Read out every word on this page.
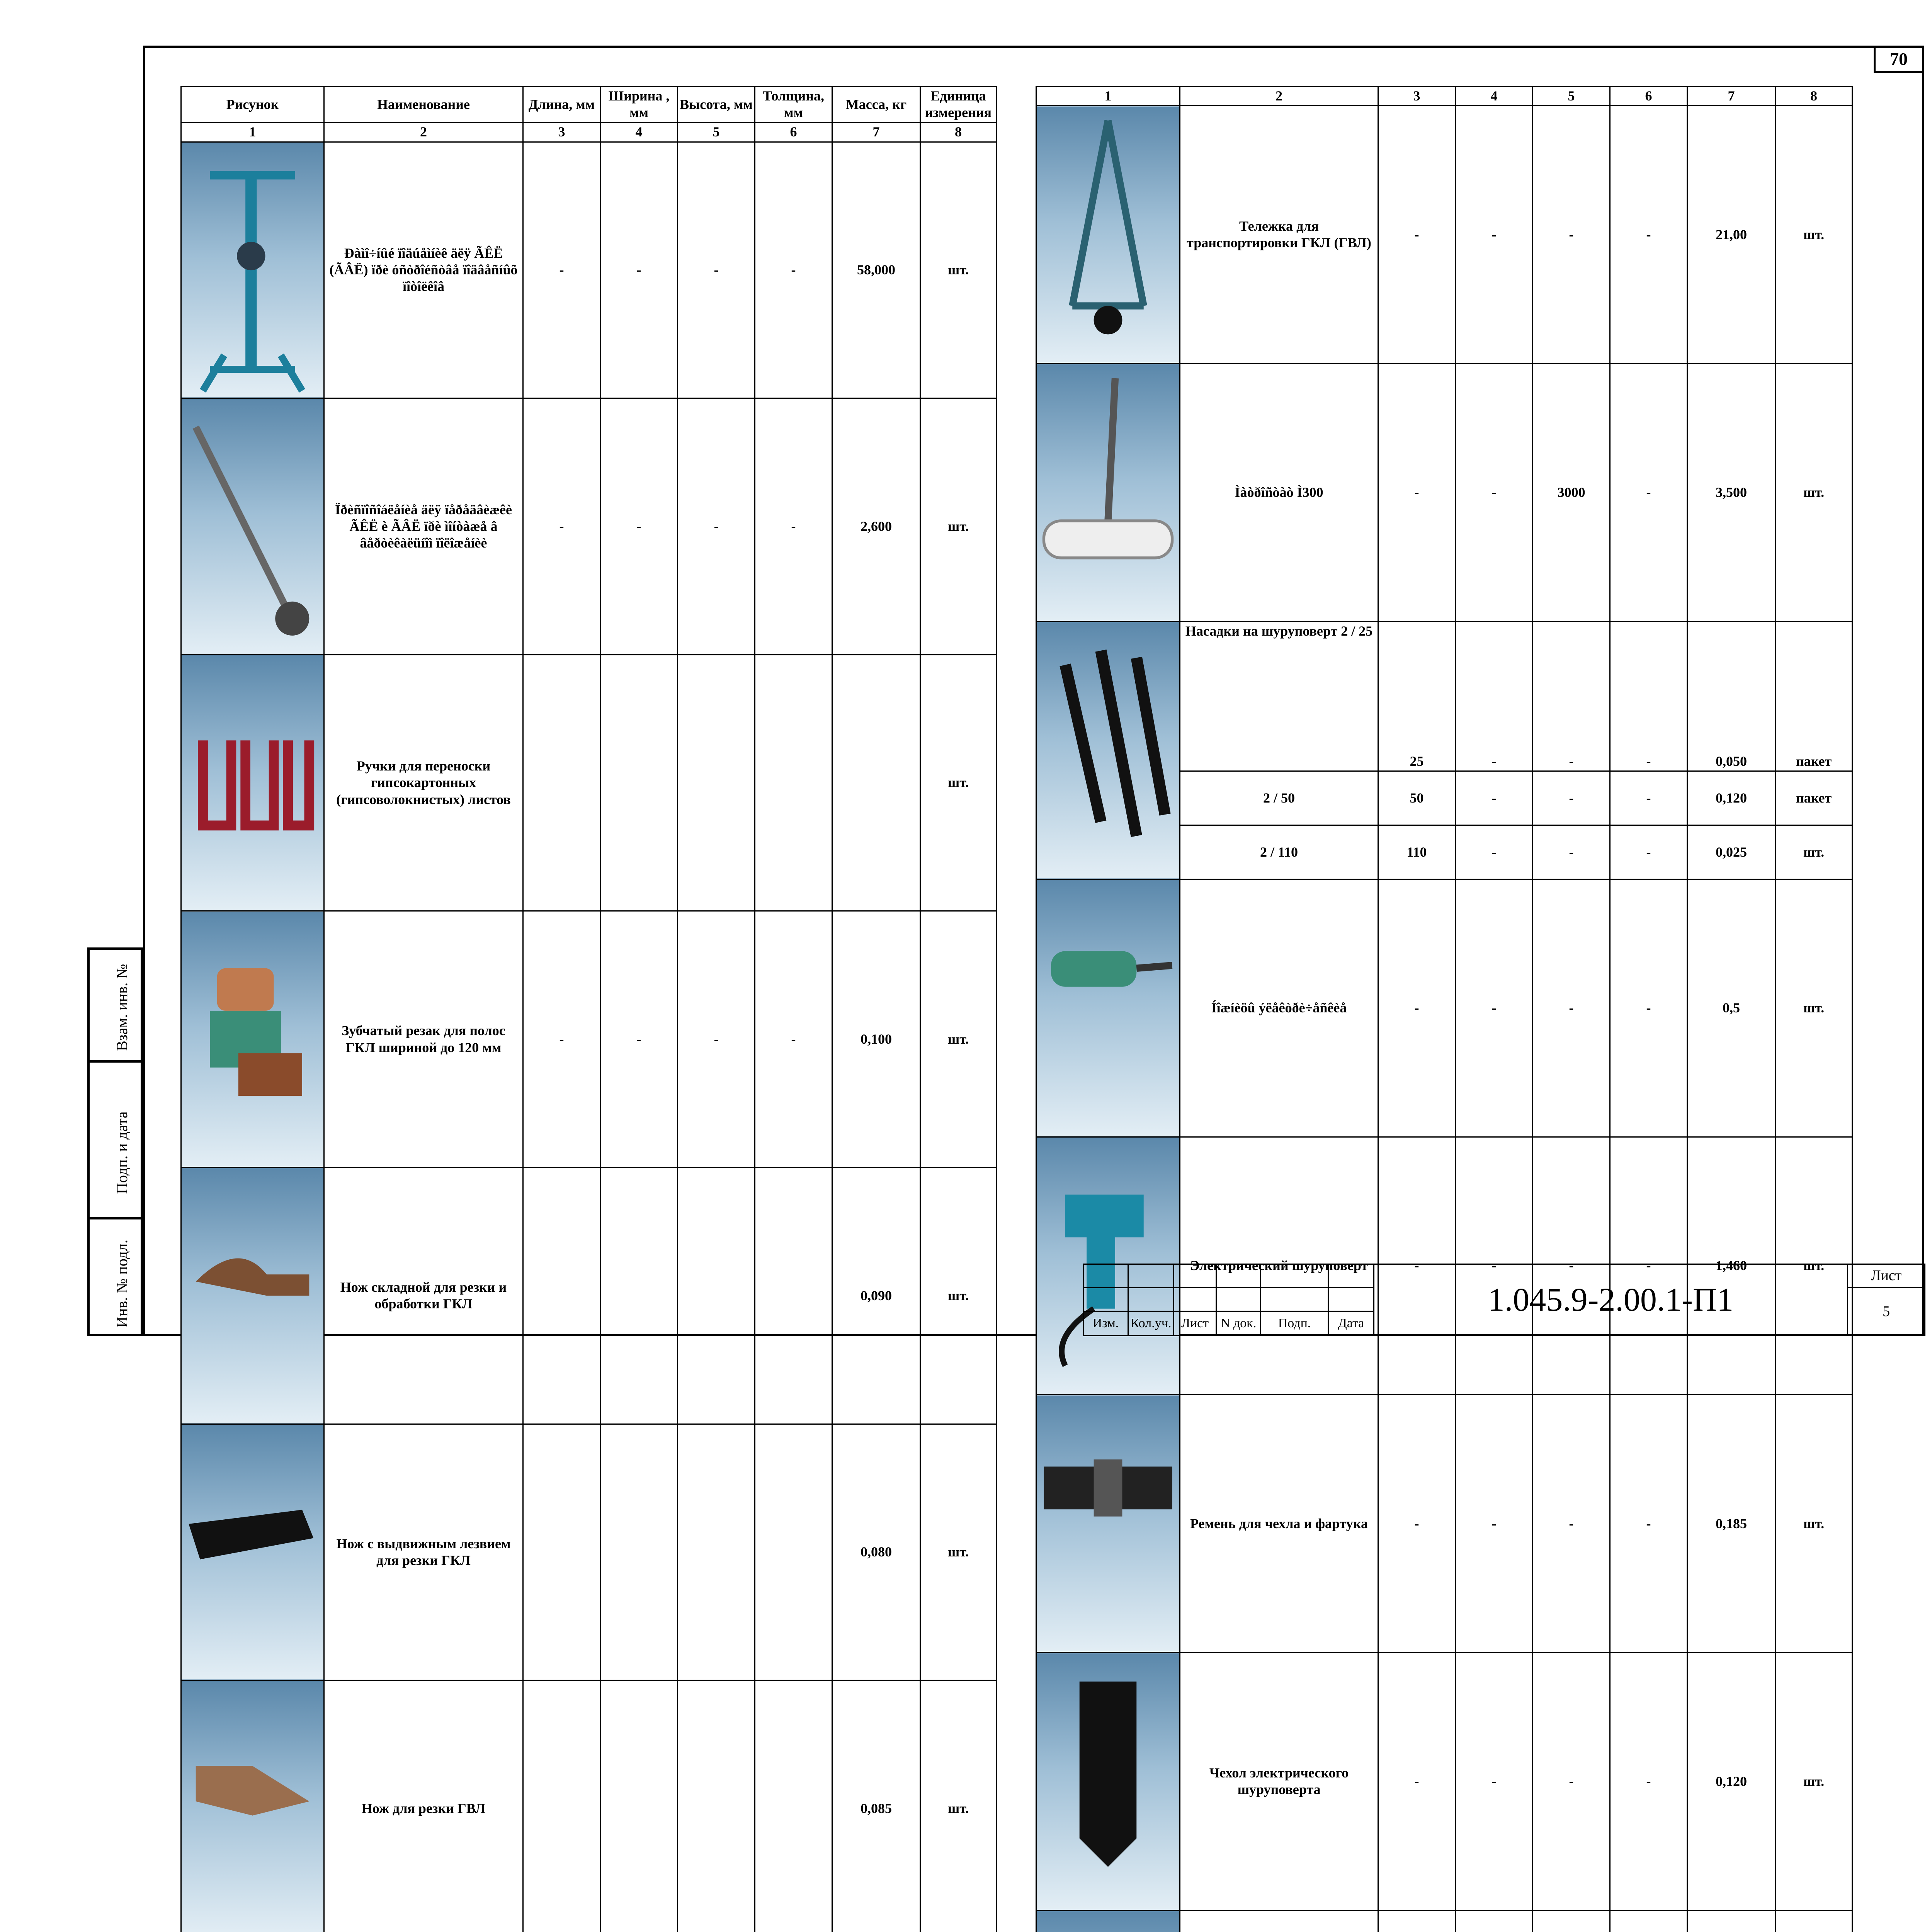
70
Рисунок	Наименование	Длина, мм	Ширина , мм	Высота, мм	Толщина, мм	Масса, кг	Единица измерения
1	2	3	4	5	6	7	8

	Ðàìî÷íûé ïîäúåìíèê äëÿ ÃÊË (ÃÂË) ïðè óñòðîéñòâå ïîäâåñíûõ ïîòîëêîâ	-	-	-	-	58,000	шт.

	Ïðèñïîñîáëåíèå äëÿ ïåðåäâèæêè ÃÊË è ÃÂË ïðè ìîíòàæå â âåðòèêàëüíîì ïîëîæåíèè	-	-	-	-	2,600	шт.

	Ручки для переноски гипсокартонных (гипсоволокнистых) листов						шт.

	Зубчатый резак для полос ГКЛ шириной до 120 мм	-	-	-	-	0,100	шт.

	Нож складной для резки и обработки ГКЛ					0,090	шт.

	Нож с выдвижным лезвием для резки ГКЛ					0,080	шт.

	Нож для резки ГВЛ					0,085	шт.

1	2	3	4	5	6	7	8

	Тележка для транспортировки ГКЛ (ГВЛ)	-	-	-	-	21,00	шт.

	Ìàòðîñòàò Ì300	-	-	3000	-	3,500	шт.

	Насадки на шуруповерт 2 / 25	25	-	-	-	0,050	пакет
	2 / 50	50	-	-	-	0,120	пакет
	2 / 110	110	-	-	-	0,025	шт.

	Íîæíèöû ýëåêòðè÷åñêèå	-	-	-	-	0,5	шт.

	Электрический шуруповерт	-	-	-	-	1,460	шт.

	Ремень для чехла и фартука	-	-	-	-	0,185	шт.

	Чехол электрического шуруповерта	-	-	-	-	0,120	шт.

Взам. инв. №
Подп. и дата
Инв. № подл.
							1.045.9-2.00.1-П1	Лист
							5
Изм.	Кол.уч.	Лист	N док.	Подп.	Дата		
